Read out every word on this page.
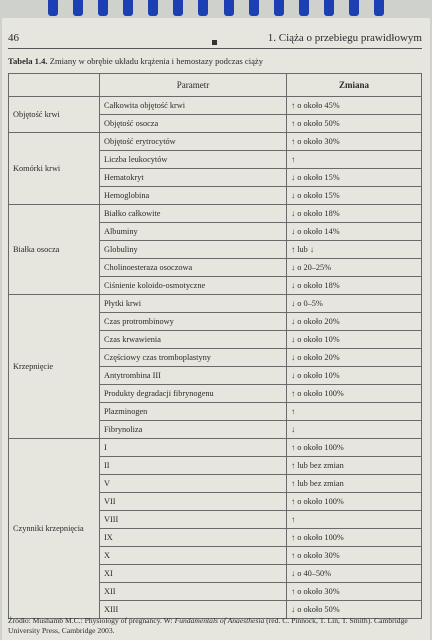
46	1. Ciąża o przebiegu prawidłowym
Tabela 1.4. Zmiany w obrębie układu krążenia i hemostazy podczas ciąży
	Parametr	Zmiana
Objętość krwi	Całkowita objętość krwi	↑ o około 45%
	Objętość osocza	↑ o około 50%
Komórki krwi	Objętość erytrocytów	↑ o około 30%
	Liczba leukocytów	↑
	Hematokryt	↓ o około 15%
	Hemoglobina	↓ o około 15%
Białka osocza	Białko całkowite	↓ o około 18%
	Albuminy	↓ o około 14%
	Globuliny	↑ lub ↓
	Cholinoesteraza osoczowa	↓ o 20–25%
	Ciśnienie koloido-osmotyczne	↓ o około 18%
Krzepnięcie	Płytki krwi	↓ o 0–5%
	Czas protrombinowy	↓ o około 20%
	Czas krwawienia	↓ o około 10%
	Częściowy czas tromboplastyny	↓ o około 20%
	Antytrombina III	↓ o około 10%
	Produkty degradacji fibrynogenu	↑ o około 100%
	Plazminogen	↑
	Fibrynoliza	↓
Czynniki krzepnięcia	I	↑ o około 100%
	II	↑ lub bez zmian
	V	↑ lub bez zmian
	VII	↑ o około 100%
	VIII	↑
	IX	↑ o około 100%
	X	↑ o około 30%
	XI	↓ o 40–50%
	XII	↑ o około 30%
	XIII	↓ o około 50%
Źródło: Mushamb M.C.: Physiology of pregnancy. W: Fundamentals of Anaesthesia (red. C. Pinnock, T. Lin, T. Smith). Cambridge University Press, Cambridge 2003.
